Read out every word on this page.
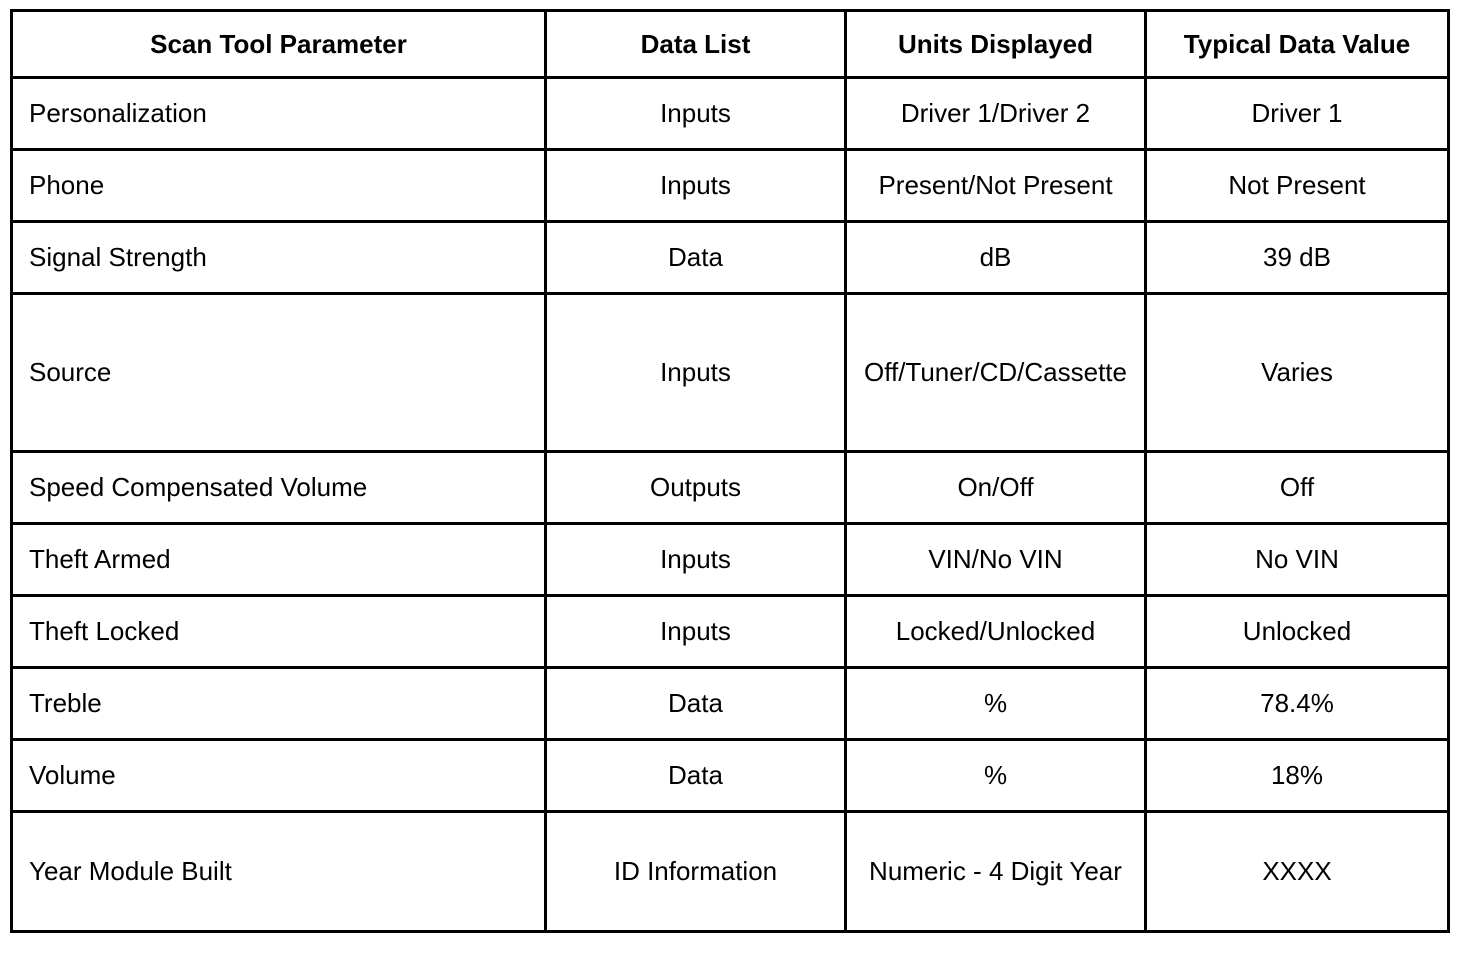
Scan Tool Parameter	Data List	Units Displayed	Typical Data Value
Personalization	Inputs	Driver 1/Driver 2	Driver 1
Phone	Inputs	Present/Not Present	Not Present
Signal Strength	Data	dB	39 dB
Source	Inputs	Off/Tuner/CD/Cassette	Varies
Speed Compensated Volume	Outputs	On/Off	Off
Theft Armed	Inputs	VIN/No VIN	No VIN
Theft Locked	Inputs	Locked/Unlocked	Unlocked
Treble	Data	%	78.4%
Volume	Data	%	18%
Year Module Built	ID Information	Numeric - 4 Digit Year	XXXX
